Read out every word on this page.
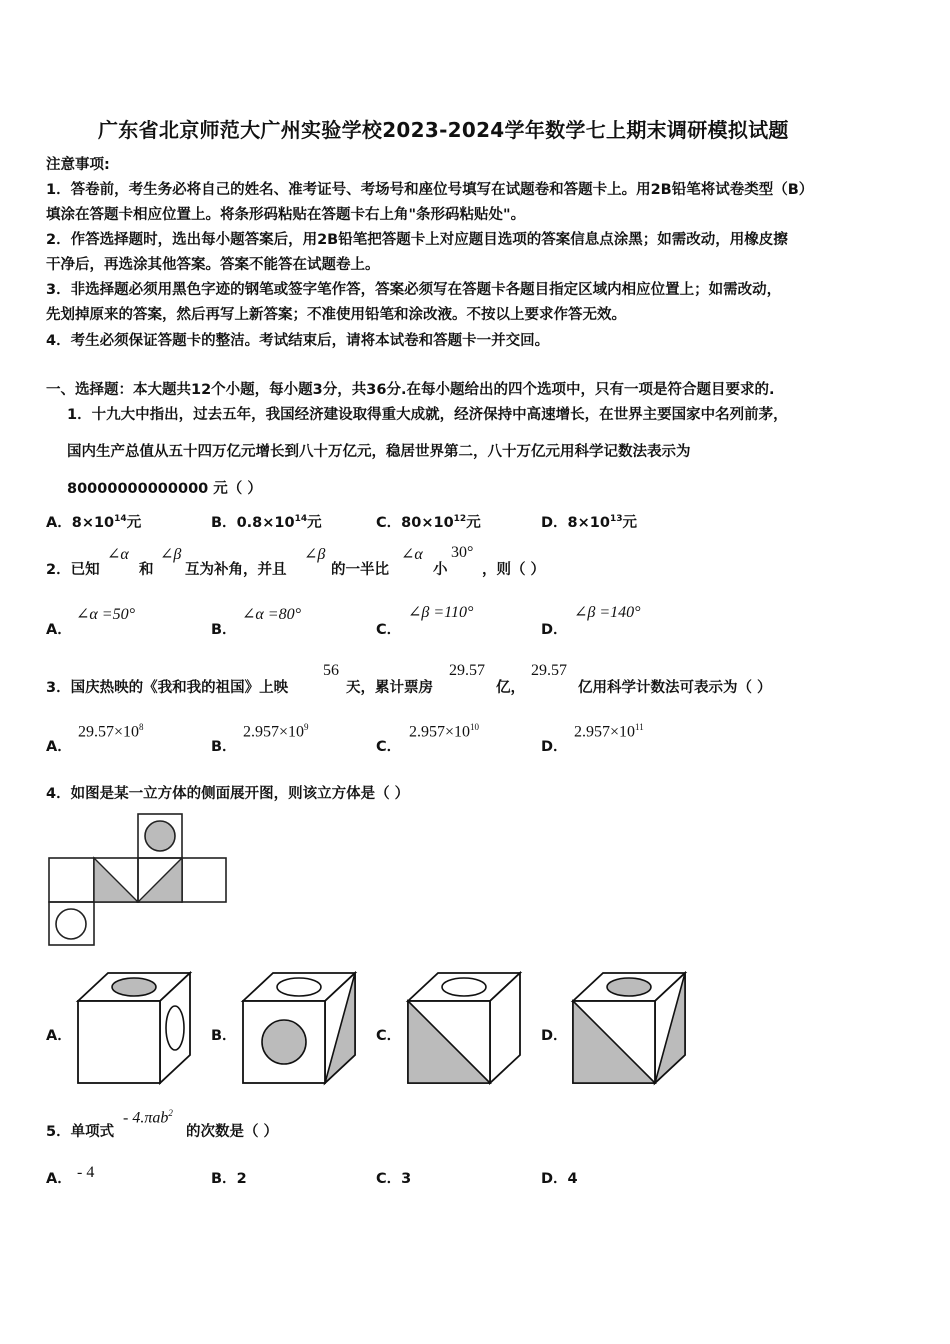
广东省北京师范大广州实验学校2023-2024学年数学七上期末调研模拟试题
注意事项:
1．答卷前，考生务必将自己的姓名、准考证号、考场号和座位号填写在试题卷和答题卡上。用2B铅笔将试卷类型（B）
填涂在答题卡相应位置上。将条形码粘贴在答题卡右上角"条形码粘贴处"。
2．作答选择题时，选出每小题答案后，用2B铅笔把答题卡上对应题目选项的答案信息点涂黑；如需改动，用橡皮擦
干净后，再选涂其他答案。答案不能答在试题卷上。
3．非选择题必须用黑色字迹的钢笔或签字笔作答，答案必须写在答题卡各题目指定区域内相应位置上；如需改动，
先划掉原来的答案，然后再写上新答案；不准使用铅笔和涂改液。不按以上要求作答无效。
4．考生必须保证答题卡的整洁。考试结束后，请将本试卷和答题卡一并交回。
一、选择题：本大题共12个小题，每小题3分，共36分.在每小题给出的四个选项中，只有一项是符合题目要求的.
1．十九大中指出，过去五年，我国经济建设取得重大成就，经济保持中高速增长，在世界主要国家中名列前茅，
国内生产总值从五十四万亿元增长到八十万亿元，稳居世界第二，八十万亿元用科学记数法表示为
80000000000000 元（ ）
A．$8\times 10^{14}$元	B．$0.8\times 10^{14}$元	C．$80\times 10^{12}$元	D．$8\times 10^{13}$元
2．已知
∠α
和
∠β
互为补角，并且
∠β
的一半比
∠α
小
30°
，则（ ）
A．
∠α =50°
B．
∠α =80°
C．
∠β =110°
D．
∠β =140°
3．国庆热映的《我和我的祖国》上映
56
天，累计票房
29.57
亿，
29.57
亿用科学计数法可表示为（ ）
A．
$29.57\times 10^8$
B．
$2.957\times 10^9$
C．
$2.957\times 10^{10}$
D．
$2.957\times 10^{11}$
4．如图是某一立方体的侧面展开图，则该立方体是（ ）
A．	B．	C．	D．
5．单项式
- 4.πab$^2$
的次数是（ ）
A． - 4	B．2	C．3	D．4
